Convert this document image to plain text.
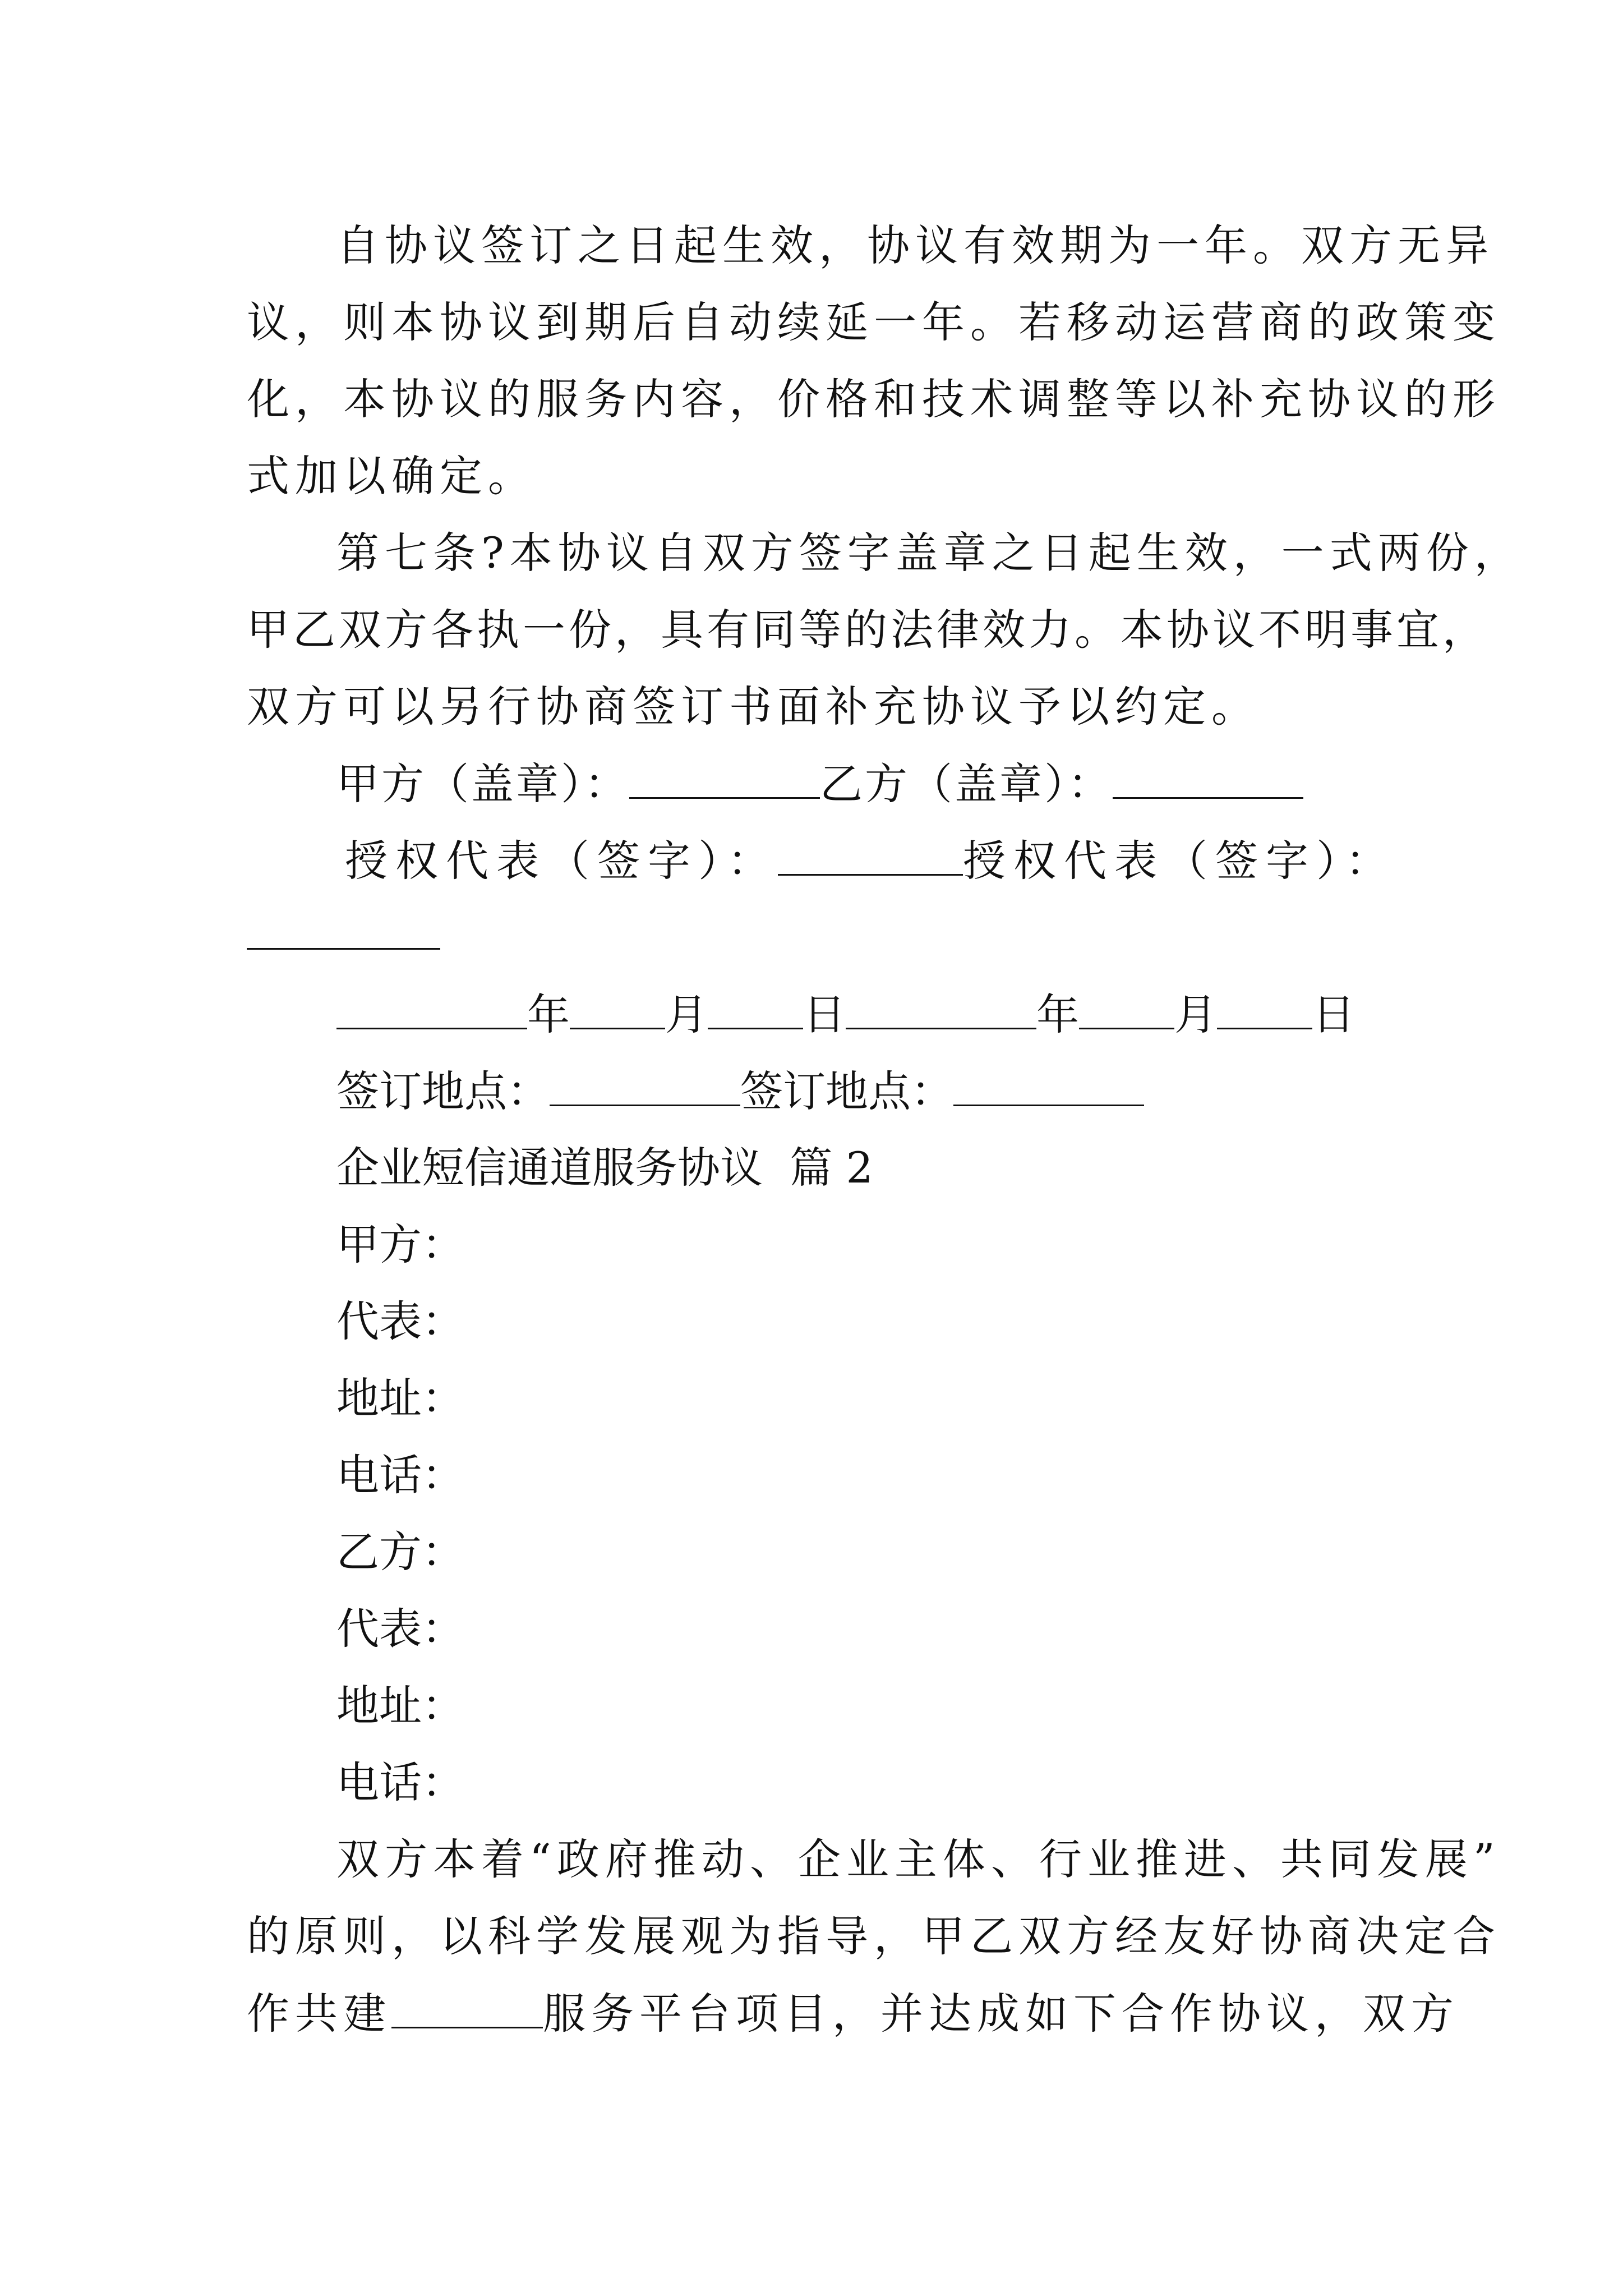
自协议签订之日起生效，协议有效期为一年。双方无异
议，则本协议到期后自动续延一年。若移动运营商的政策变
化，本协议的服务内容，价格和技术调整等以补充协议的形
式加以确定。
第七条?本协议自双方签字盖章之日起生效，一式两份，
甲乙双方各执一份，具有同等的法律效力。本协议不明事宜，
双方可以另行协商签订书面补充协议予以约定。
甲方（盖章）：	乙方（盖章）：
授权代表（签字）：	授权代表（签字）：
年 月 日	年 月 日
签订地点：	签订地点：
企业短信通道服务协议  篇 2
甲方：
代表：
地址：
电话：
乙方：
代表：
地址：
电话：
双方本着“政府推动、企业主体、行业推进、共同发展”
的原则，以科学发展观为指导，甲乙双方经友好协商决定合
作共建	服务平台项目，并达成如下合作协议，双方
